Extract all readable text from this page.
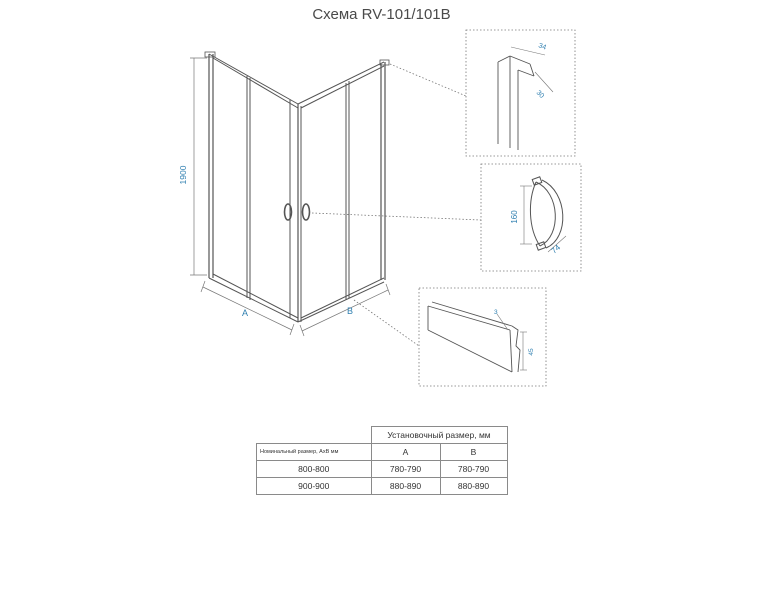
Схема RV-101/101B
1900
A	B
34
30
160
74
3
45
	Установочный размер, мм	
Номинальный размер, АхВ мм	A	B
800-800	780-790	780-790
900-900	880-890	880-890
